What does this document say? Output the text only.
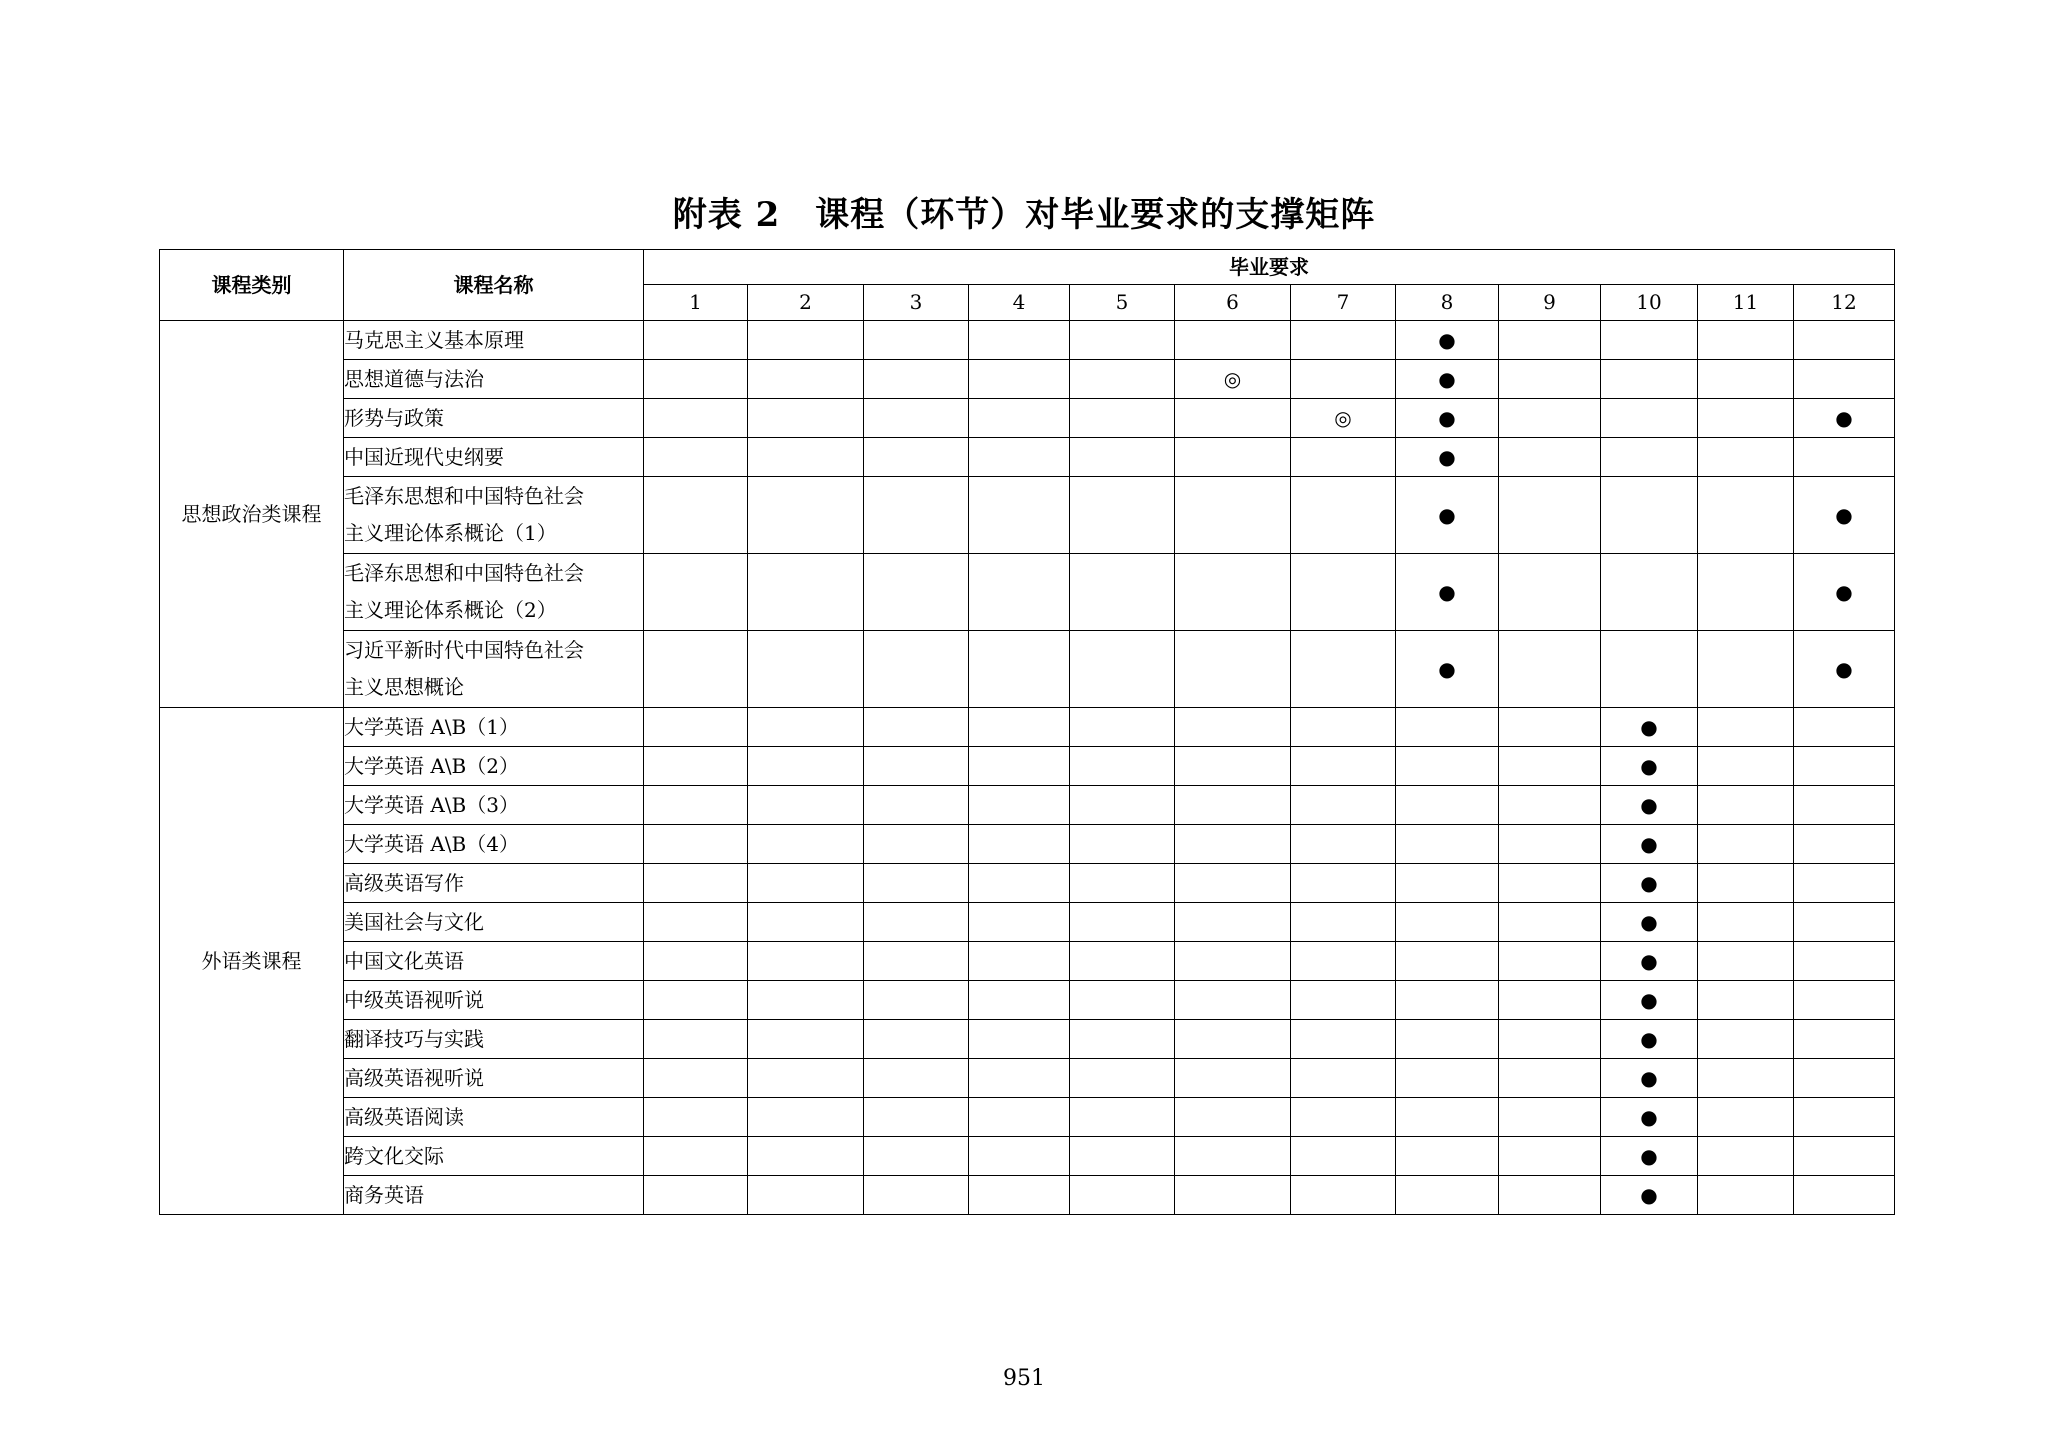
附表 2　课程（环节）对毕业要求的支撑矩阵
课程类别	课程名称	毕业要求											
		1	2	3	4	5	6	7	8	9	10	11	12
思想政治类课程	马克思主义基本原理								●				

	思想道德与法治						◎		●				

	形势与政策							◎	●				●

	中国近现代史纲要								●				

	毛泽东思想和中国特色社会
主义理论体系概论（1）								●				●

	毛泽东思想和中国特色社会
主义理论体系概论（2）								●				●

	习近平新时代中国特色社会
主义思想概论								●				●
外语类课程	大学英语 A\B（1）										●		

	大学英语 A\B（2）										●		

	大学英语 A\B（3）										●		

	大学英语 A\B（4）										●		

	高级英语写作										●		

	美国社会与文化										●		

	中国文化英语										●		

	中级英语视听说										●		

	翻译技巧与实践										●		

	高级英语视听说										●		

	高级英语阅读										●		

	跨文化交际										●		

	商务英语										●		
951
